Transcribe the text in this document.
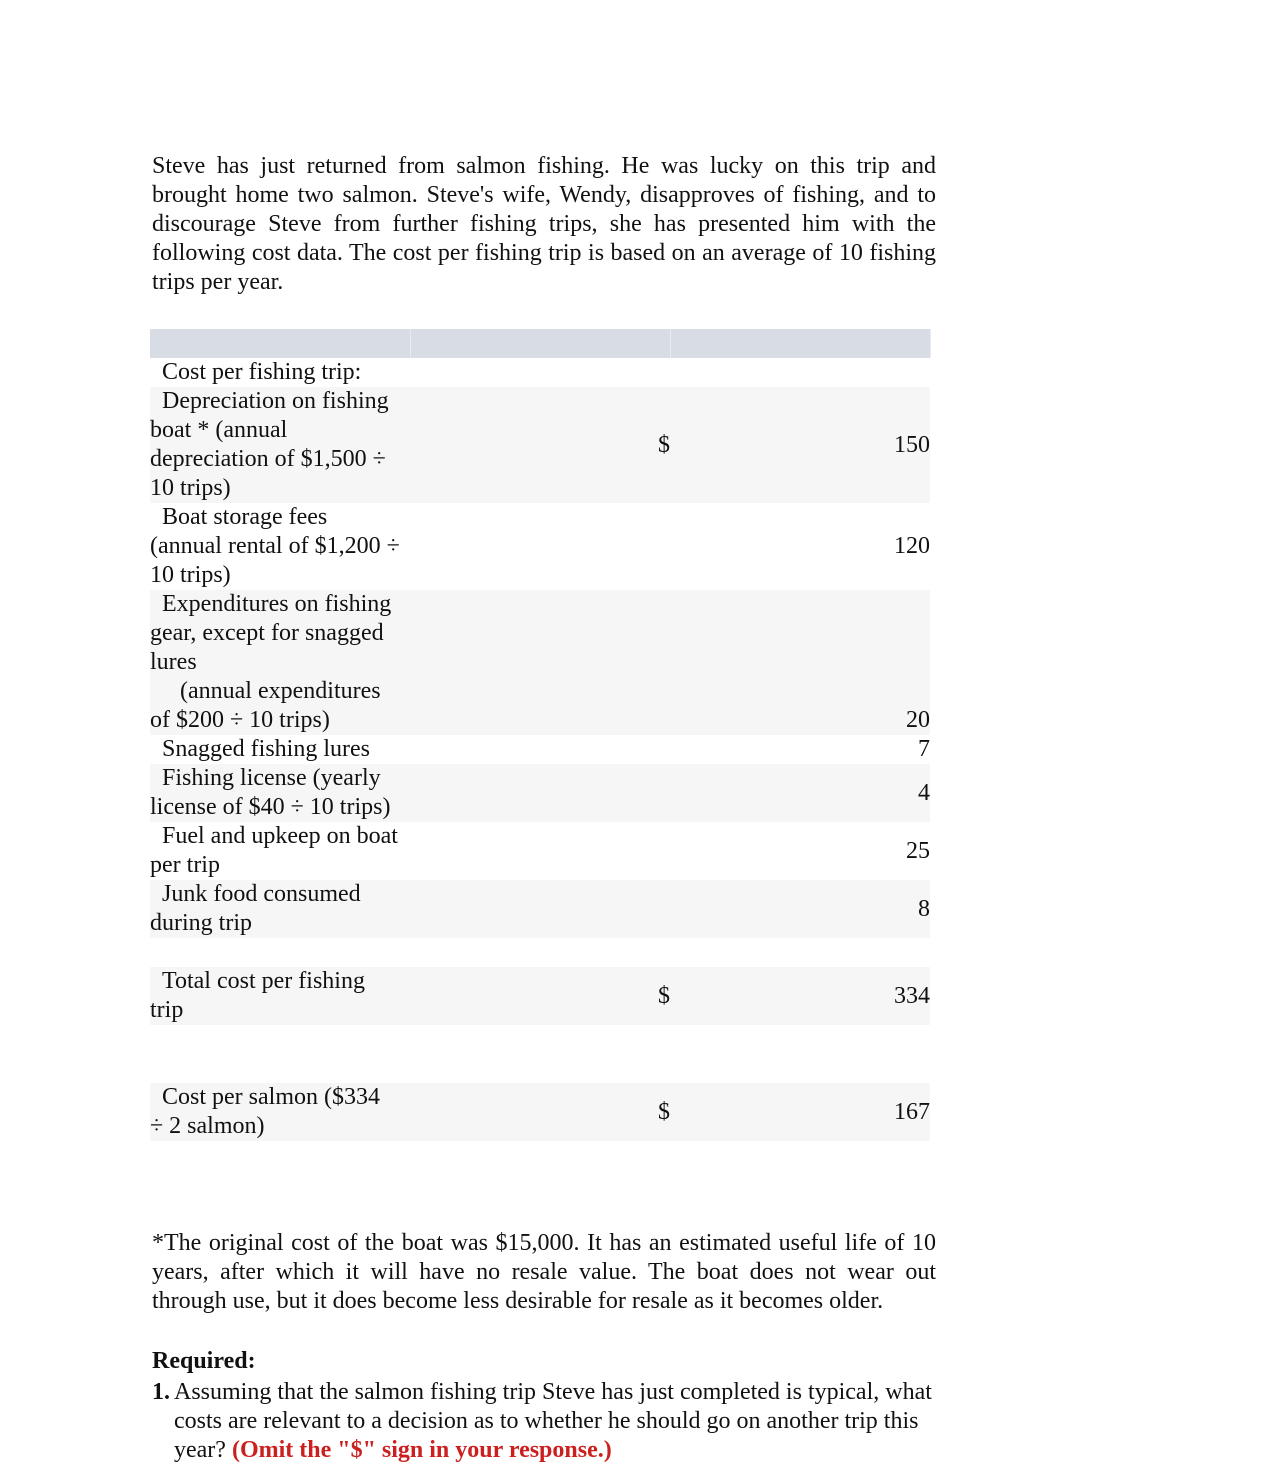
Steve has just returned from salmon fishing. He was lucky on this trip and brought home two salmon. Steve's wife, Wendy, disapproves of fishing, and to discourage Steve from further fishing trips, she has presented him with the following cost data. The cost per fishing trip is based on an average of 10 fishing trips per year.

Cost per fishing trip:		
Depreciation on fishing
boat * (annual depreciation of $1,500 ÷ 10 trips)	$	150
Boat storage fees
(annual rental of $1,200 ÷ 10 trips)		120
Expenditures on fishing
gear, except for snagged lures		
(annual expenditures
of $200 ÷ 10 trips)		20
Snagged fishing lures		7
Fishing license (yearly
license of $40 ÷ 10 trips)		4
Fuel and upkeep on boat
per trip		25
Junk food consumed
during trip		8

Total cost per fishing
trip	$	334

Cost per salmon ($334
÷ 2 salmon)	$	167

*The original cost of the boat was $15,000. It has an estimated useful life of 10 years, after which it will have no resale value. The boat does not wear out through use, but it does become less desirable for resale as it becomes older.

Required:

1. Assuming that the salmon fishing trip Steve has just completed is typical, what costs are relevant to a decision as to whether he should go on another trip this year? (Omit the "$" sign in your response.)
